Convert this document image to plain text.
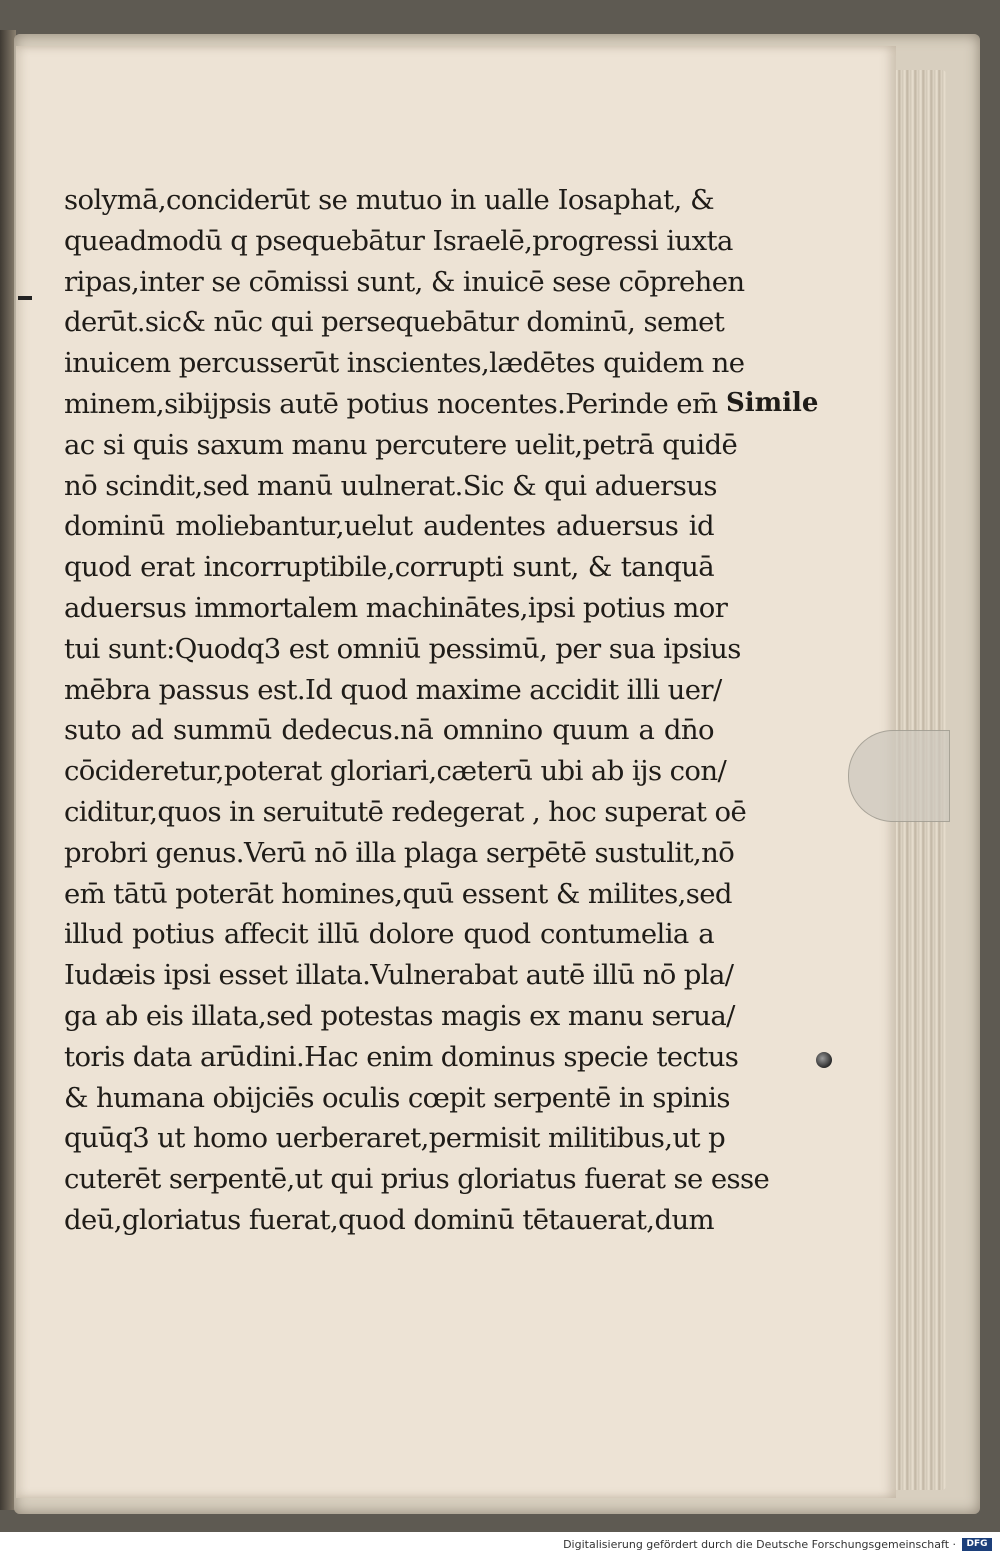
solymā,conciderūt se mutuo in ualle Iosaphat, &
queadmodū q psequebātur Israelē,progressi iuxta
ripas,inter se cōmissi sunt, & inuicē sese cōprehen
derūt.sic& nūc qui persequebātur dominū, semet
inuicem percusserūt inscientes,lædētes quidem ne
minem,sibijpsis autē potius nocentes.Perinde em̄
ac si quis saxum manu percutere uelit,petrā quidē
nō scindit,sed manū uulnerat.Sic & qui aduersus
dominū moliebantur,uelut audentes aduersus id
quod erat incorruptibile,corrupti sunt, & tanquā
aduersus immortalem machinātes,ipsi potius mor
tui sunt:Quodq3 est omniū pessimū, per sua ipsius
mēbra passus est.Id quod maxime accidit illi uer/
suto ad summū dedecus.nā omnino quum a dn̄o
cōcideretur,poterat gloriari,cæterū ubi ab ijs con/
ciditur,quos in seruitutē redegerat , hoc superat oē
probri genus.Verū nō illa plaga serpētē sustulit,nō
em̄ tātū poterāt homines,quū essent & milites,sed
illud potius affecit illū dolore quod contumelia a
Iudæis ipsi esset illata.Vulnerabat autē illū nō pla/
ga ab eis illata,sed potestas magis ex manu serua/
toris data arūdini.Hac enim dominus specie tectus
& humana obijciēs oculis cœpit serpentē in spinis
quūq3 ut homo uerberaret,permisit militibus,ut p
cuterēt serpentē,ut qui prius gloriatus fuerat se esse
deū,gloriatus fuerat,quod dominū tētauerat,dum
Simile
Digitalisierung gefördert durch die Deutsche Forschungsgemeinschaft ·	DFG
